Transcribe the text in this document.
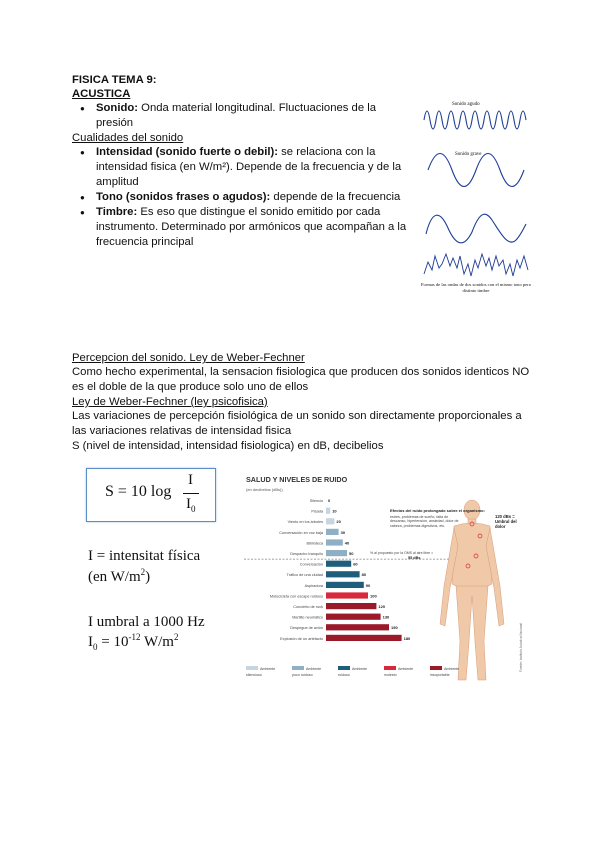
FISICA TEMA 9:
ACUSTICA
● Sonido: Onda material longitudinal. Fluctuaciones de la presión
Cualidades del sonido
● Intensidad (sonido fuerte o debil): se relaciona con la intensidad fisica (en W/m²). Depende de la frecuencia y de la amplitud
● Tono (sonidos frases o agudos): depende de la frecuencia
● Timbre: Es eso que distingue el sonido emitido por cada instrumento. Determinado por armónicos que acompañan a la frecuencia principal
Sonido agudo
Sonido grave
Formas de las ondas de dos sonidos con el mismo tono pero distinto timbre
Percepcion del sonido. Ley de Weber-Fechner
Como hecho experimental, la sensacion fisiologica que producen dos sonidos identicos NO es el doble de la que produce solo uno de ellos
Ley de Weber-Fechner (ley psicofisica)
Las variaciones de percepción fisiológica de un sonido son directamente proporcionales a las variaciones relativas de intensidad fisica
S (nivel de intensidad, intensidad fisiologica) en dB, decibelios
S = 10 log
I
$I_0$
I = intensitat física
(en $W/m^2$)
I umbral a 1000 Hz
$I_0 = 10^{-12}$ $W/m^2$
SALUD Y NIVELES DE RUIDO
(en decibelios (dBs))
Silencio 0
Pisada 10
Viento en los árboles	20
Conversación en voz baja	30
Biblioteca	40
Despacho tranquilo	50
Conversación	60
Tráfico de una ciudad	80
Aspiradora	90
Motocicleta con escape ruidoso	100
Concierto de rock	120
Martillo neumático	130
Despegue de avión	150
Explosión de un artefacto	180
% al propuesto por la OMS al aire libre =
55 dBs
Efectos del ruido prolongado sobre el organismo:
estrés, problemas de sueño, falta de descanso, hipertensión, ansiedad, dolor de cabeza, problemas digestivos, etc.
120 dBs = Umbral del dolor
Fuente: Instituto Acústica Nacional
Ambiente
silencioso
Ambiente
poco ruidoso
Ambiente
ruidoso
Ambiente
molesto
Ambiente
insoportable
